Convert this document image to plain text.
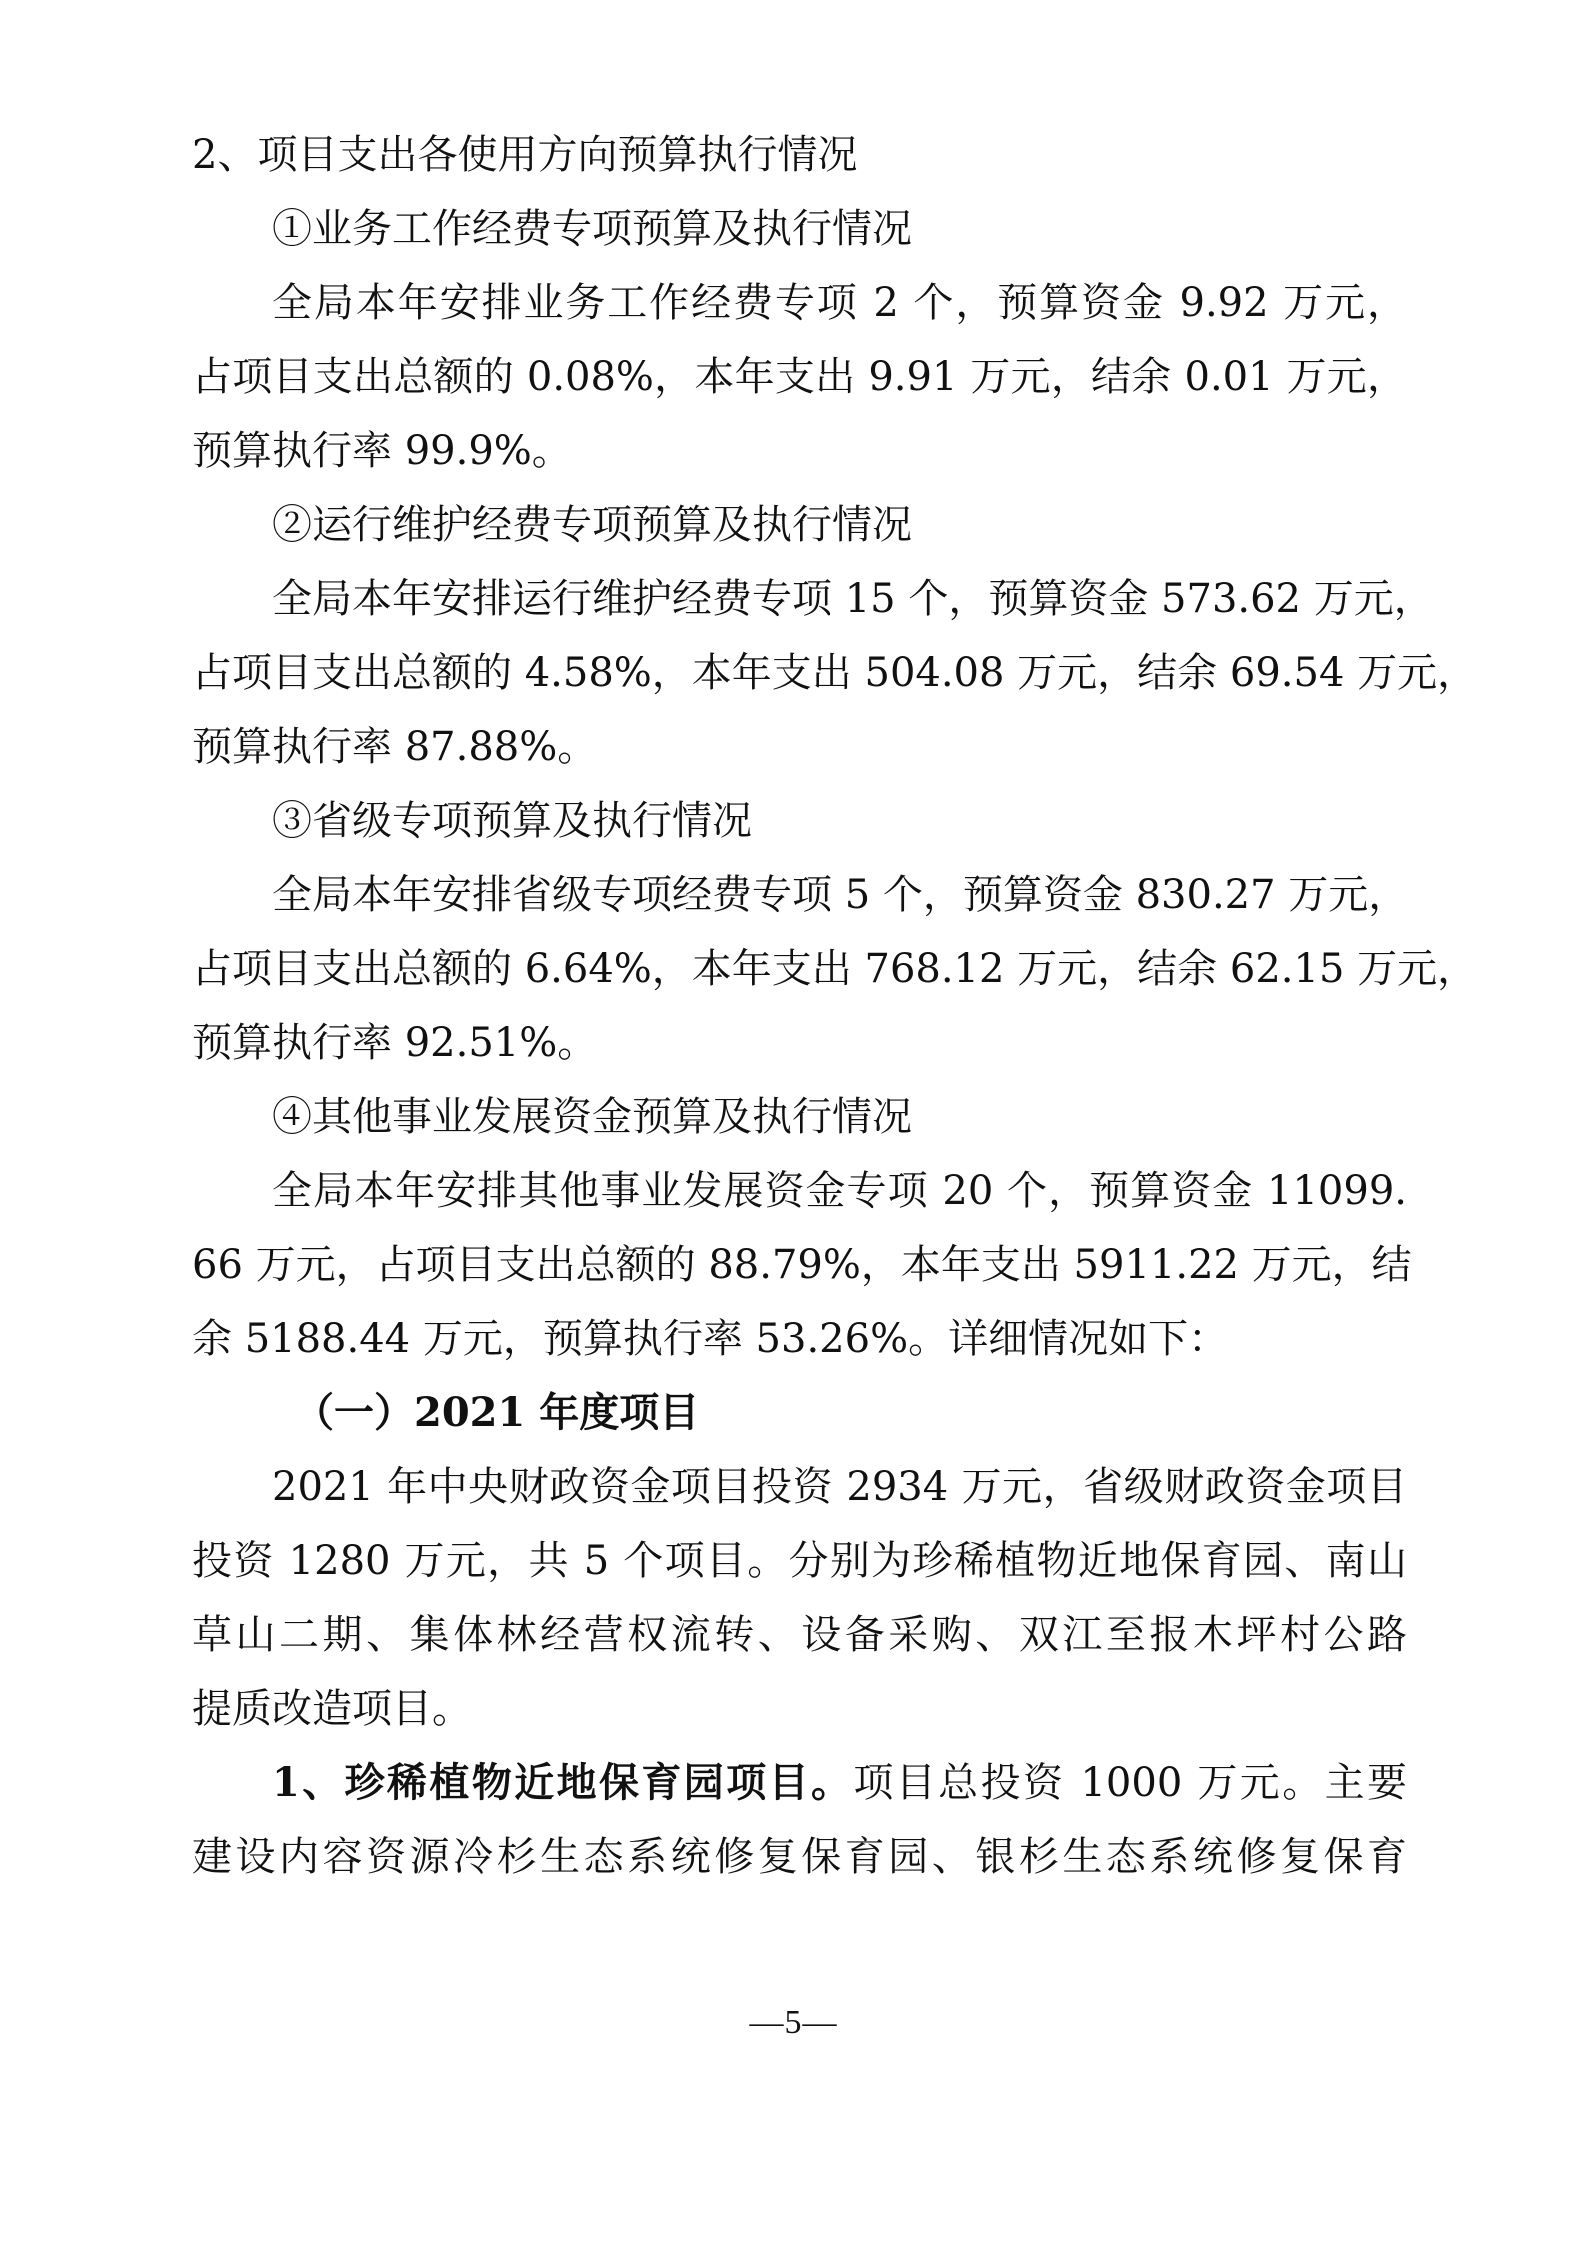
2、项目支出各使用方向预算执行情况
①业务工作经费专项预算及执行情况
全局本年安排业务工作经费专项 2 个，预算资金 9.92 万元，
占项目支出总额的 0.08%，本年支出 9.91 万元，结余 0.01 万元，
预算执行率 99.9%。
②运行维护经费专项预算及执行情况
全局本年安排运行维护经费专项 15 个，预算资金 573.62 万元，
占项目支出总额的 4.58%，本年支出 504.08 万元，结余 69.54 万元，
预算执行率 87.88%。
③省级专项预算及执行情况
全局本年安排省级专项经费专项 5 个，预算资金 830.27 万元，
占项目支出总额的 6.64%，本年支出 768.12 万元，结余 62.15 万元，
预算执行率 92.51%。
④其他事业发展资金预算及执行情况
全局本年安排其他事业发展资金专项 20 个，预算资金 11099.
66 万元，占项目支出总额的 88.79%，本年支出 5911.22 万元，结
余 5188.44 万元，预算执行率 53.26%。详细情况如下：
（一）2021 年度项目
2021 年中央财政资金项目投资 2934 万元，省级财政资金项目
投资 1280 万元，共 5 个项目。分别为珍稀植物近地保育园、南山
草山二期、集体林经营权流转、设备采购、双江至报木坪村公路
提质改造项目。
1、珍稀植物近地保育园项目。项目总投资 1000 万元。主要
建设内容资源冷杉生态系统修复保育园、银杉生态系统修复保育
—5—
